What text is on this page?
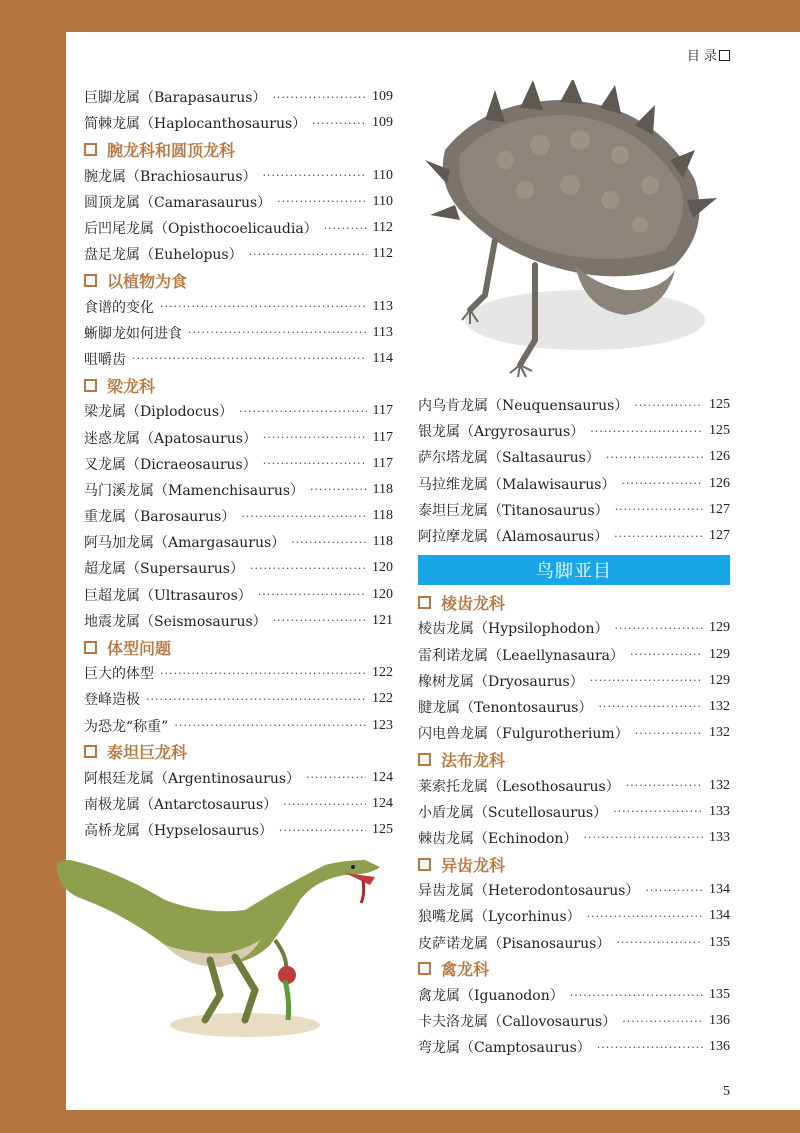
目 录
巨脚龙属（Barapasaurus） ·····	109
简棘龙属（Haplocanthosaurus） ·····	109
腕龙科和圆顶龙科
腕龙属（Brachiosaurus） ·····	110
圆顶龙属（Camarasaurus） ·····	110
后凹尾龙属（Opisthocoelicaudia） ·····	112
盘足龙属（Euhelopus） ·····	112
以植物为食
食谱的变化 ·····	113
蜥脚龙如何进食 ·····	113
咀嚼齿 ·····	114
梁龙科
梁龙属（Diplodocus） ·····	117
迷惑龙属（Apatosaurus） ·····	117
叉龙属（Dicraeosaurus） ·····	117
马门溪龙属（Mamenchisaurus） ·····	118
重龙属（Barosaurus） ·····	118
阿马加龙属（Amargasaurus） ·····	118
超龙属（Supersaurus） ·····	120
巨超龙属（Ultrasauros） ·····	120
地震龙属（Seismosaurus） ·····	121
体型问题
巨大的体型 ·····	122
登峰造极 ·····	122
为恐龙“称重” ·····	123
泰坦巨龙科
阿根廷龙属（Argentinosaurus） ·····	124
南极龙属（Antarctosaurus） ·····	124
高桥龙属（Hypselosaurus） ·····	125
内乌肯龙属（Neuquensaurus） ·····	125
银龙属（Argyrosaurus） ·····	125
萨尔塔龙属（Saltasaurus） ·····	126
马拉维龙属（Malawisaurus） ·····	126
泰坦巨龙属（Titanosaurus） ·····	127
阿拉摩龙属（Alamosaurus） ·····	127
鸟脚亚目
棱齿龙科
棱齿龙属（Hypsilophodon） ·····	129
雷利诺龙属（Leaellynasaura） ·····	129
橡树龙属（Dryosaurus） ·····	129
腱龙属（Tenontosaurus） ·····	132
闪电兽龙属（Fulgurotherium） ·····	132
法布龙科
莱索托龙属（Lesothosaurus） ·····	132
小盾龙属（Scutellosaurus） ·····	133
棘齿龙属（Echinodon） ·····	133
异齿龙科
异齿龙属（Heterodontosaurus） ·····	134
狼嘴龙属（Lycorhinus） ·····	134
皮萨诺龙属（Pisanosaurus） ·····	135
禽龙科
禽龙属（Iguanodon） ·····	135
卡夫洛龙属（Callovosaurus） ·····	136
弯龙属（Camptosaurus） ·····	136
5
